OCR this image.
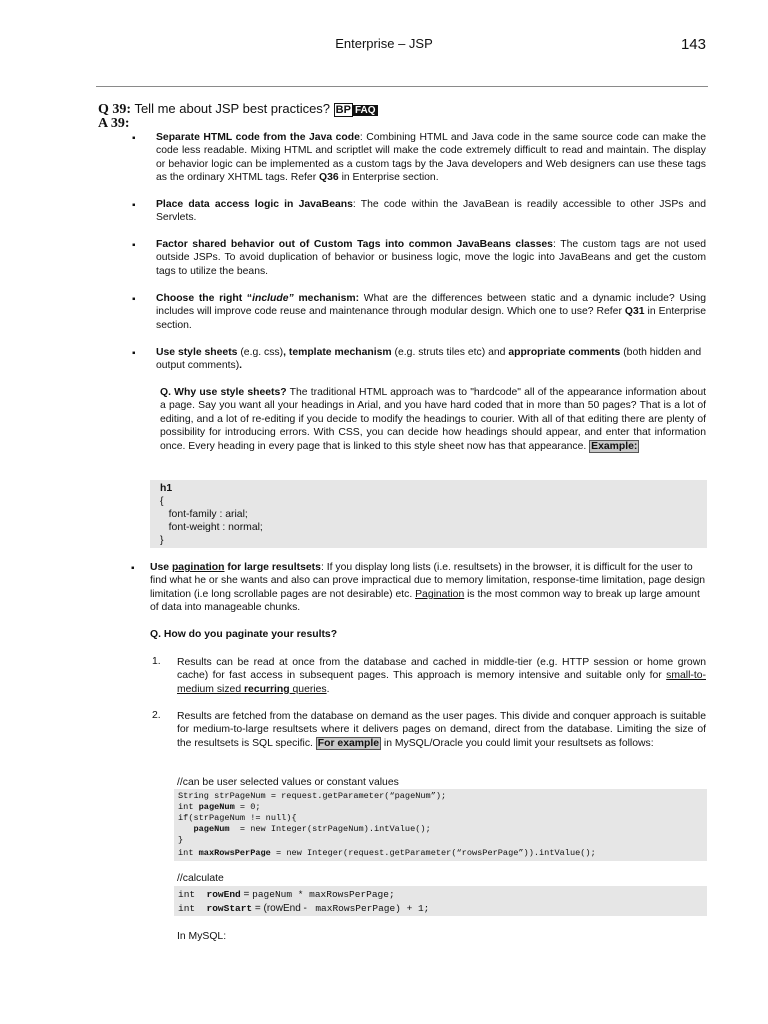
Enterprise – JSP	143
Q 39: Tell me about JSP best practices? BP FAQ
A 39:
▪ Separate HTML code from the Java code: Combining HTML and Java code in the same source code can make the code less readable. Mixing HTML and scriptlet will make the code extremely difficult to read and maintain. The display or behavior logic can be implemented as a custom tags by the Java developers and Web designers can use these tags as the ordinary XHTML tags. Refer Q36 in Enterprise section.
▪ Place data access logic in JavaBeans: The code within the JavaBean is readily accessible to other JSPs and Servlets.
▪ Factor shared behavior out of Custom Tags into common JavaBeans classes: The custom tags are not used outside JSPs. To avoid duplication of behavior or business logic, move the logic into JavaBeans and get the custom tags to utilize the beans.
▪ Choose the right “include” mechanism: What are the differences between static and a dynamic include? Using includes will improve code reuse and maintenance through modular design. Which one to use? Refer Q31 in Enterprise section.
▪ Use style sheets (e.g. css), template mechanism (e.g. struts tiles etc) and appropriate comments (both hidden and output comments).
Q. Why use style sheets? The traditional HTML approach was to "hardcode" all of the appearance information about a page. Say you want all your headings in Arial, and you have hard coded that in more than 50 pages? That is a lot of editing, and a lot of re-editing if you decide to modify the headings to courier. With all of that editing there are plenty of possibility for introducing errors. With CSS, you can decide how headings should appear, and enter that information once. Every heading in every page that is linked to this style sheet now has that appearance. Example:
h1
{
font-family : arial;
font-weight : normal;
}
▪ Use pagination for large resultsets: If you display long lists (i.e. resultsets) in the browser, it is difficult for the user to find what he or she wants and also can prove impractical due to memory limitation, response-time limitation, page design limitation (i.e long scrollable pages are not desirable) etc. Pagination is the most common way to break up large amount of data into manageable chunks.
Q. How do you paginate your results?
1. Results can be read at once from the database and cached in middle-tier (e.g. HTTP session or home grown cache) for fast access in subsequent pages. This approach is memory intensive and suitable only for small-to-medium sized recurring queries.
2. Results are fetched from the database on demand as the user pages. This divide and conquer approach is suitable for medium-to-large resultsets where it delivers pages on demand, direct from the database. Limiting the size of the resultsets is SQL specific. For example in MySQL/Oracle you could limit your resultsets as follows:
//can be user selected values or constant values
String strPageNum = request.getParameter(“pageNum”);
int pageNum = 0;
if(strPageNum != null){
pageNum  = new Integer(strPageNum).intValue();
}
int maxRowsPerPage = new Integer(request.getParameter(“rowsPerPage”)).intValue();
//calculate
int  rowEnd = pageNum * maxRowsPerPage;
int  rowStart = (rowEnd -  maxRowsPerPage) + 1;
In MySQL:
